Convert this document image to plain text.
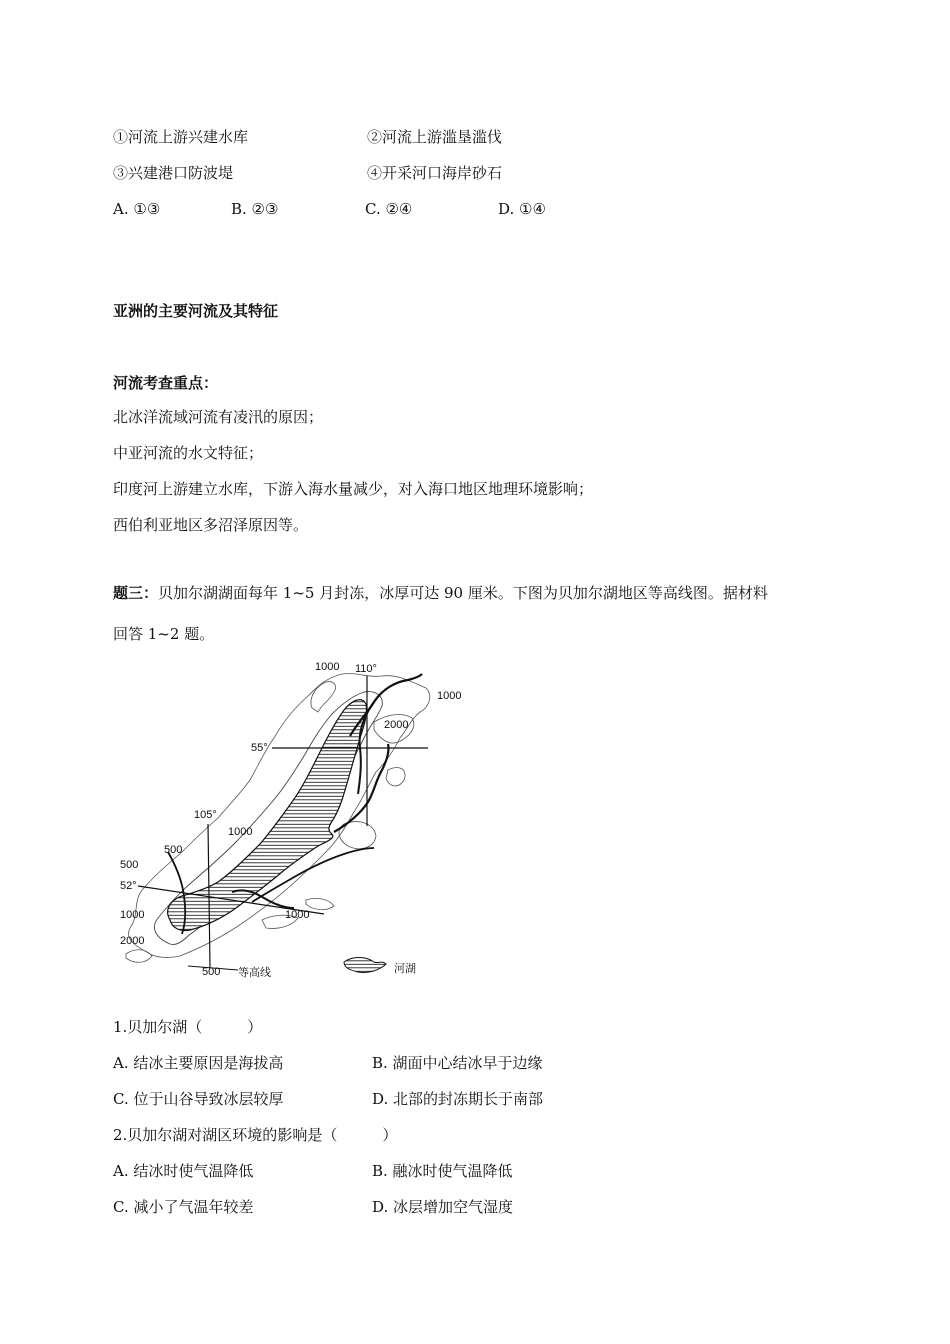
①河流上游兴建水库	②河流上游滥垦滥伐
③兴建港口防波堤	④开采河口海岸砂石
A. ①③	B. ②③	C. ②④	D. ①④
亚洲的主要河流及其特征
河流考查重点：
北冰洋流域河流有凌汛的原因；
中亚河流的水文特征；
印度河上游建立水库，下游入海水量减少，对入海口地区地理环境影响；
西伯利亚地区多沼泽原因等。
题三：贝加尔湖湖面每年 1~5 月封冻，冰厚可达 90 厘米。下图为贝加尔湖地区等高线图。据材料
回答 1~2 题。
1000 110°
1000
2000
55°
105°
1000
500
500
52°
1000	1000
2000
500 等高线	河湖
1.贝加尔湖（　　　）
A. 结冰主要原因是海拔高	B. 湖面中心结冰早于边缘
C. 位于山谷导致冰层较厚	D. 北部的封冻期长于南部
2.贝加尔湖对湖区环境的影响是（　　　）
A. 结冰时使气温降低	B. 融冰时使气温降低
C. 减小了气温年较差	D. 冰层增加空气湿度
